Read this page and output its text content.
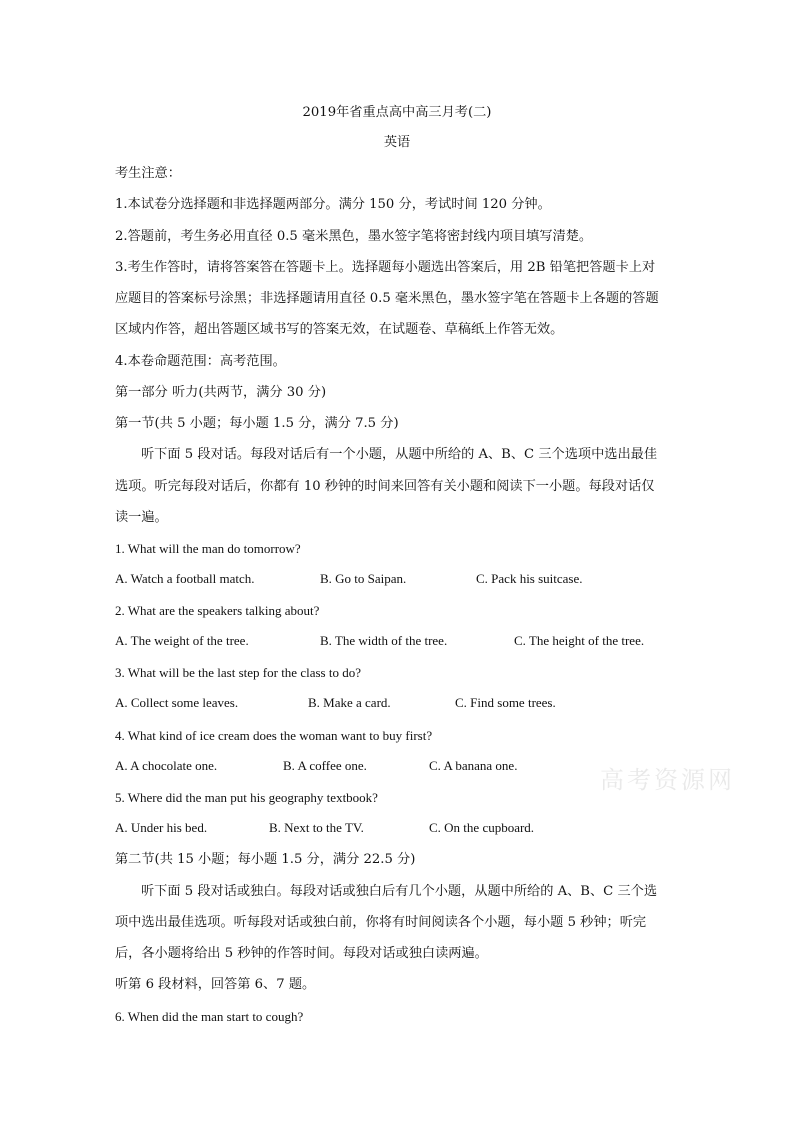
2019年省重点高中高三月考(二)
英语
考生注意：
1.本试卷分选择题和非选择题两部分。满分 150 分，考试时间 120 分钟。
2.答题前，考生务必用直径 0.5 毫米黑色，墨水签字笔将密封线内项目填写清楚。
3.考生作答时，请将答案答在答题卡上。选择题每小题选出答案后，用 2B 铅笔把答题卡上对
应题目的答案标号涂黑；非选择题请用直径 0.5 毫米黑色，墨水签字笔在答题卡上各题的答题
区域内作答，超出答题区域书写的答案无效，在试题卷、草稿纸上作答无效。
4.本卷命题范围：高考范围。
第一部分 听力(共两节，满分 30 分)
第一节(共 5 小题；每小题 1.5 分，满分 7.5 分)
听下面 5 段对话。每段对话后有一个小题，从题中所给的 A、B、C 三个选项中选出最佳
选项。听完每段对话后，你都有 10 秒钟的时间来回答有关小题和阅读下一小题。每段对话仅
读一遍。
1. What will the man do tomorrow?
A. Watch a football match.	B. Go to Saipan.	C. Pack his suitcase.
2. What are the speakers talking about?
A. The weight of the tree.	B. The width of the tree.	C. The height of the tree.
3. What will be the last step for the class to do?
A. Collect some leaves.	B. Make a card.	C. Find some trees.
4. What kind of ice cream does the woman want to buy first?
A. A chocolate one.	B. A coffee one.	C. A banana one.
5. Where did the man put his geography textbook?
A. Under his bed.	B. Next to the TV.	C. On the cupboard.
第二节(共 15 小题；每小题 1.5 分，满分 22.5 分)
听下面 5 段对话或独白。每段对话或独白后有几个小题，从题中所给的 A、B、C 三个选
项中选出最佳选项。听每段对话或独白前，你将有时间阅读各个小题，每小题 5 秒钟；听完
后，各小题将给出 5 秒钟的作答时间。每段对话或独白读两遍。
听第 6 段材料，回答第 6、7 题。
6. When did the man start to cough?
高考资源网
